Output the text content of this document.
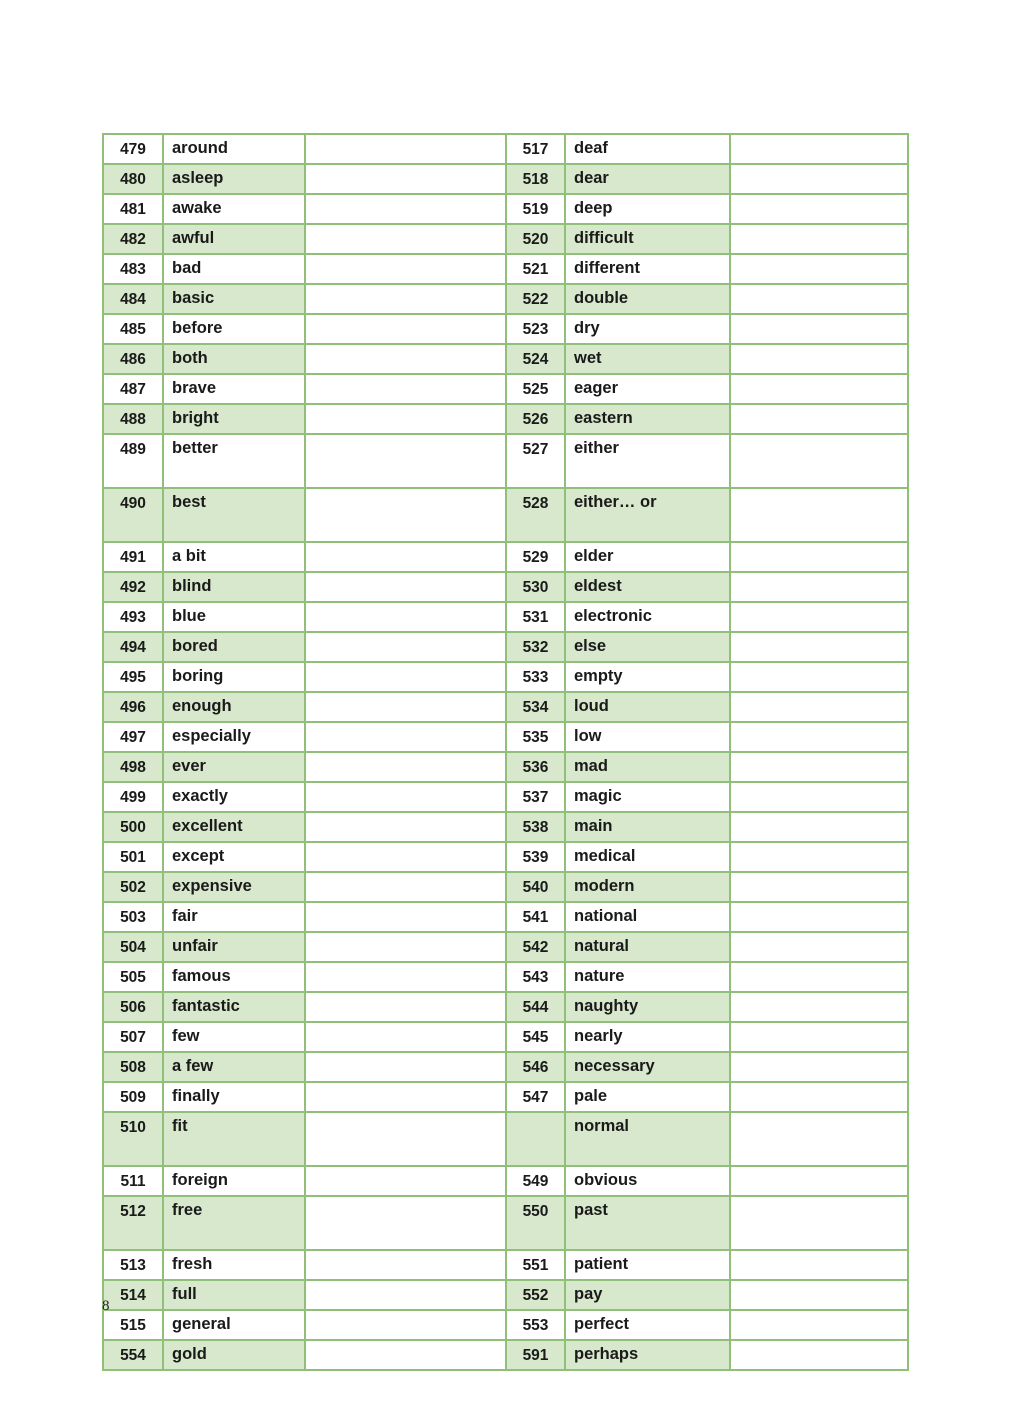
479	around		517	deaf	
480	asleep		518	dear	
481	awake		519	deep	
482	awful		520	difficult	
483	bad		521	different	
484	basic		522	double	
485	before		523	dry	
486	both		524	wet	
487	brave		525	eager	
488	bright		526	eastern	
489	better		527	either	
490	best		528	either… or	
491	a bit		529	elder	
492	blind		530	eldest	
493	blue		531	electronic	
494	bored		532	else	
495	boring		533	empty	
496	enough		534	loud	
497	especially		535	low	
498	ever		536	mad	
499	exactly		537	magic	
500	excellent		538	main	
501	except		539	medical	
502	expensive		540	modern	
503	fair		541	national	
504	unfair		542	natural	
505	famous		543	nature	
506	fantastic		544	naughty	
507	few		545	nearly	
508	a few		546	necessary	
509	finally		547	pale	
510	fit			normal	
511	foreign		549	obvious	
512	free		550	past	
513	fresh		551	patient	
514	full		552	pay	
515	general		553	perfect	
554	gold		591	perhaps	
8
